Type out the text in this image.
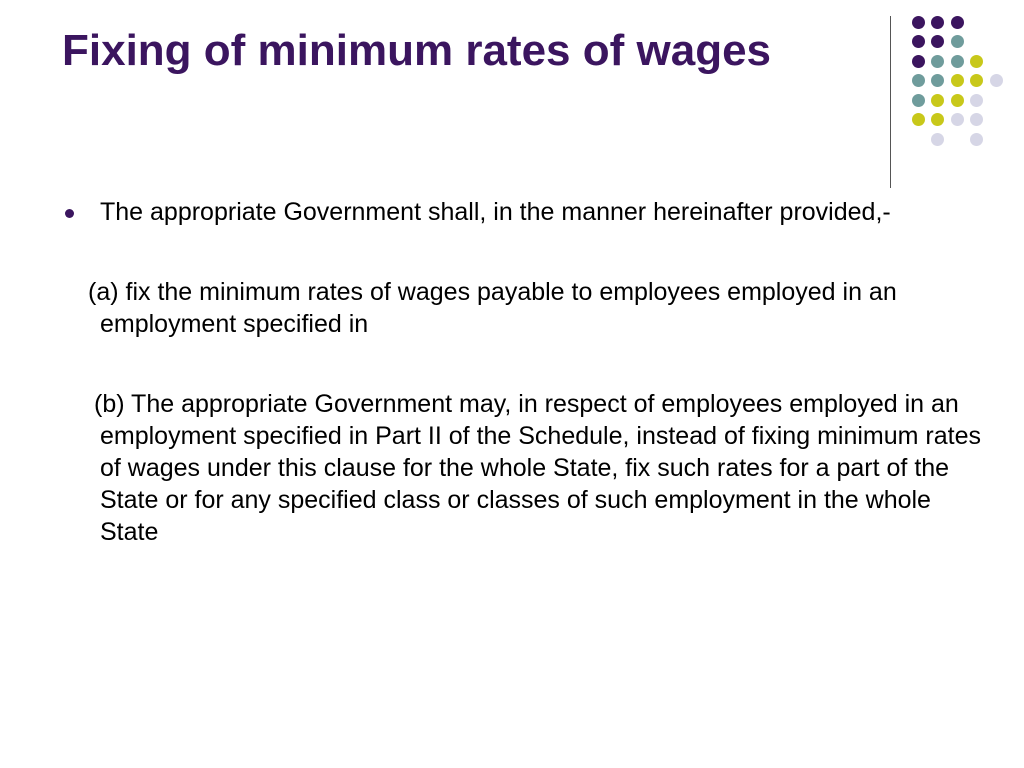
Fixing of minimum rates of wages

The appropriate Government shall, in the manner hereinafter provided,-

(a) fix the minimum rates of wages payable to employees employed in an employment specified in

(b) The appropriate Government may, in respect of employees employed in an employment specified in Part II of the Schedule, instead of fixing minimum rates of wages under this clause for the whole State, fix such rates for a part of the State or for any specified class or classes of such employment in the whole State
